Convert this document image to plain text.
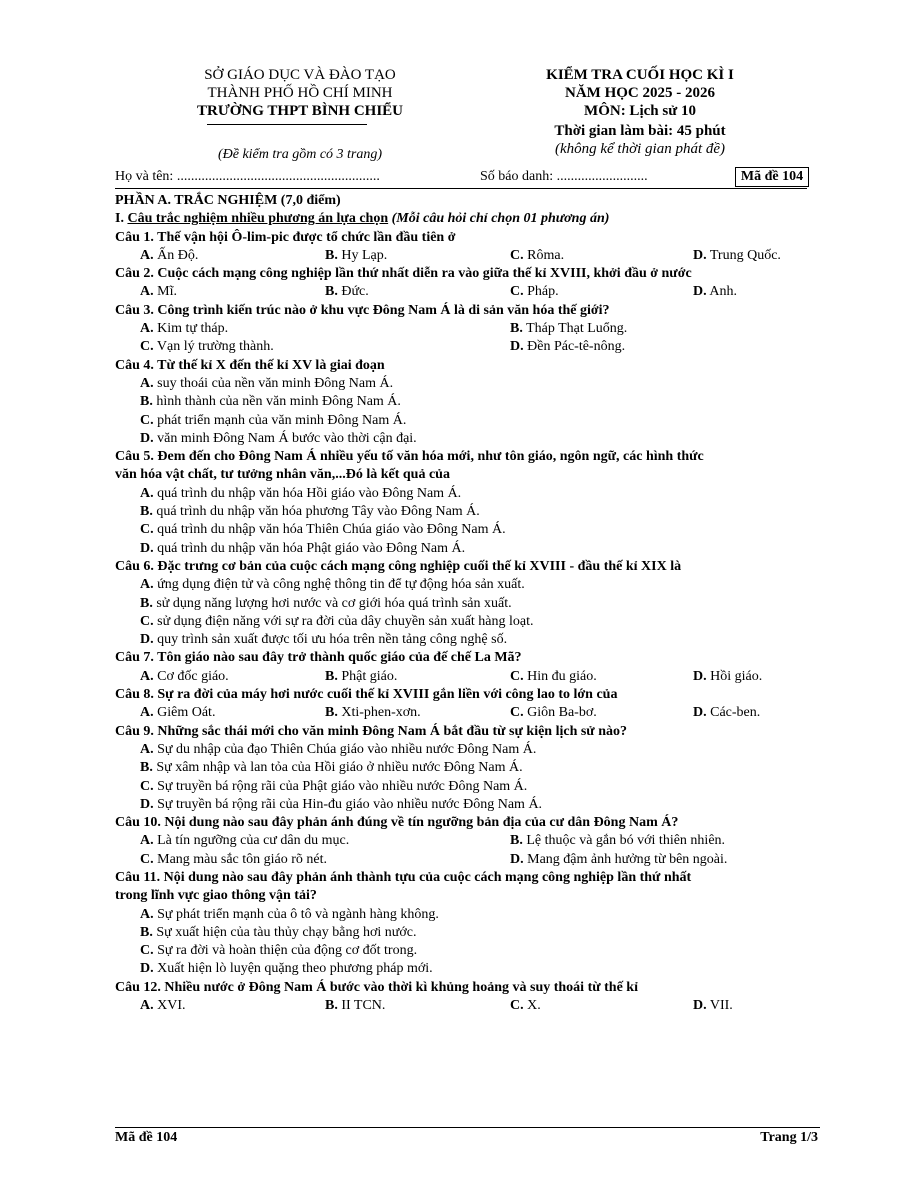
SỞ GIÁO DỤC VÀ ĐÀO TẠO
THÀNH PHỐ HỒ CHÍ MINH
TRƯỜNG THPT BÌNH CHIỂU
(Đề kiểm tra gồm có 3 trang)
KIỂM TRA CUỐI HỌC KÌ I
NĂM HỌC 2025 - 2026
MÔN: Lịch sử 10
Thời gian làm bài: 45 phút
(không kể thời gian phát đề)
Họ và tên: ..........................................................	Số báo danh: ..........................	Mã đề 104
PHẦN A. TRẮC NGHIỆM (7,0 điểm)
I. Câu trắc nghiệm nhiều phương án lựa chọn (Mỗi câu hỏi chỉ chọn 01 phương án)
Câu 1. Thế vận hội Ô-lim-pic được tổ chức lần đầu tiên ở
A. Ấn Độ.	B. Hy Lạp.	C. Rôma.	D. Trung Quốc.
Câu 2. Cuộc cách mạng công nghiệp lần thứ nhất diễn ra vào giữa thế kỉ XVIII, khởi đầu ở nước
A. Mĩ.	B. Đức.	C. Pháp.	D. Anh.
Câu 3. Công trình kiến trúc nào ở khu vực Đông Nam Á là di sản văn hóa thế giới?
A. Kim tự tháp.	B. Tháp Thạt Luổng.
C. Vạn lý trường thành.	D. Đền Pác-tê-nông.
Câu 4. Từ thế kỉ X đến thế kỉ XV là giai đoạn
A. suy thoái của nền văn minh Đông Nam Á.
B. hình thành của nền văn minh Đông Nam Á.
C. phát triển mạnh của văn minh Đông Nam Á.
D. văn minh Đông Nam Á bước vào thời cận đại.
Câu 5. Đem đến cho Đông Nam Á nhiều yếu tố văn hóa mới, như tôn giáo, ngôn ngữ, các hình thức
văn hóa vật chất, tư tưởng nhân văn,...Đó là kết quả của
A. quá trình du nhập văn hóa Hồi giáo vào Đông Nam Á.
B. quá trình du nhập văn hóa phương Tây vào Đông Nam Á.
C. quá trình du nhập văn hóa Thiên Chúa giáo vào Đông Nam Á.
D. quá trình du nhập văn hóa Phật giáo vào Đông Nam Á.
Câu 6. Đặc trưng cơ bản của cuộc cách mạng công nghiệp cuối thế kỉ XVIII - đầu thế kỉ XIX là
A. ứng dụng điện tử và công nghệ thông tin để tự động hóa sản xuất.
B. sử dụng năng lượng hơi nước và cơ giới hóa quá trình sản xuất.
C. sử dụng điện năng với sự ra đời của dây chuyền sản xuất hàng loạt.
D. quy trình sản xuất được tối ưu hóa trên nền tảng công nghệ số.
Câu 7. Tôn giáo nào sau đây trở thành quốc giáo của đế chế La Mã?
A. Cơ đốc giáo.	B. Phật giáo.	C. Hin đu giáo.	D. Hồi giáo.
Câu 8. Sự ra đời của máy hơi nước cuối thế kỉ XVIII gắn liền với công lao to lớn của
A. Giêm Oát.	B. Xti-phen-xơn.	C. Giôn Ba-bơ.	D. Các-ben.
Câu 9. Những sắc thái mới cho văn minh Đông Nam Á bắt đầu từ sự kiện lịch sử nào?
A. Sự du nhập của đạo Thiên Chúa giáo vào nhiều nước Đông Nam Á.
B. Sự xâm nhập và lan tỏa của Hồi giáo ở nhiều nước Đông Nam Á.
C. Sự truyền bá rộng rãi của Phật giáo vào nhiều nước Đông Nam Á.
D. Sự truyền bá rộng rãi của Hin-đu giáo vào nhiều nước Đông Nam Á.
Câu 10. Nội dung nào sau đây phản ánh đúng về tín ngưỡng bản địa của cư dân Đông Nam Á?
A. Là tín ngưỡng của cư dân du mục.	B. Lệ thuộc và gắn bó với thiên nhiên.
C. Mang màu sắc tôn giáo rõ nét.	D. Mang đậm ảnh hưởng từ bên ngoài.
Câu 11. Nội dung nào sau đây phản ánh thành tựu của cuộc cách mạng công nghiệp lần thứ nhất
trong lĩnh vực giao thông vận tải?
A. Sự phát triển mạnh của ô tô và ngành hàng không.
B. Sự xuất hiện của tàu thủy chạy bằng hơi nước.
C. Sự ra đời và hoàn thiện của động cơ đốt trong.
D. Xuất hiện lò luyện quặng theo phương pháp mới.
Câu 12. Nhiều nước ở Đông Nam Á bước vào thời kì khủng hoảng và suy thoái từ thế kỉ
A. XVI.	B. II TCN.	C. X.	D. VII.
Mã đề 104	Trang 1/3
